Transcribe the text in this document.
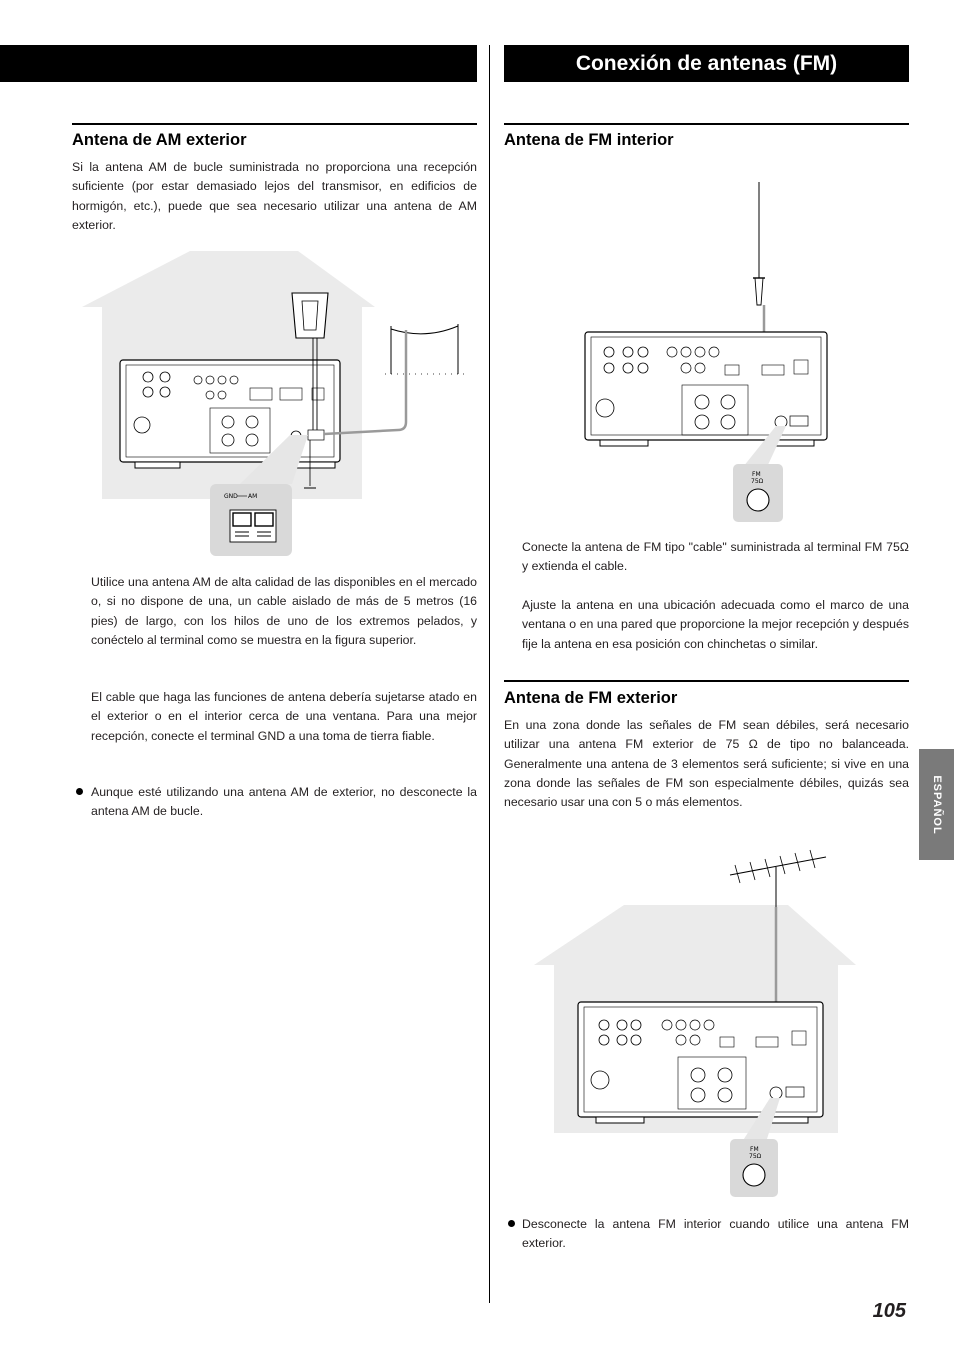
Conexión de antenas (FM)
Antena de AM exterior

Si la antena AM de bucle suministrada no proporciona una recepción suficiente (por estar demasiado lejos del transmisor, en edificios de hormigón, etc.), puede que sea necesario utilizar una antena de AM exterior.

GND AM

Utilice una antena AM de alta calidad de las disponibles en el mercado o, si no dispone de una, un cable aislado de más de 5 metros (16 pies) de largo, con los hilos de uno de los extremos pelados, y conéctelo al terminal como se muestra en la figura superior.

El cable que haga las funciones de antena debería sujetarse atado en el exterior o en el interior cerca de una ventana. Para una mejor recepción, conecte el terminal GND a una toma de tierra fiable.

Aunque esté utilizando una antena AM de exterior, no desconecte la antena AM de bucle.

Antena de FM interior
FM
75Ω

Conecte la antena de FM tipo "cable" suministrada al terminal FM 75Ω y extienda el cable.

Ajuste la antena en una ubicación adecuada como el marco de una ventana o en una pared que proporcione la mejor recepción y después fije la antena en esa posición con chinchetas o similar.

Antena de FM exterior

En una zona donde las señales de FM sean débiles, será necesario utilizar una antena FM exterior de 75 Ω de tipo no balanceada. Generalmente una antena de 3 elementos será suficiente; si vive en una zona donde las señales de FM son especialmente débiles, quizás sea necesario usar una con 5 o más elementos.

FM
75Ω

Desconecte la antena FM interior cuando utilice una antena FM exterior.

ESPAÑOL
105
